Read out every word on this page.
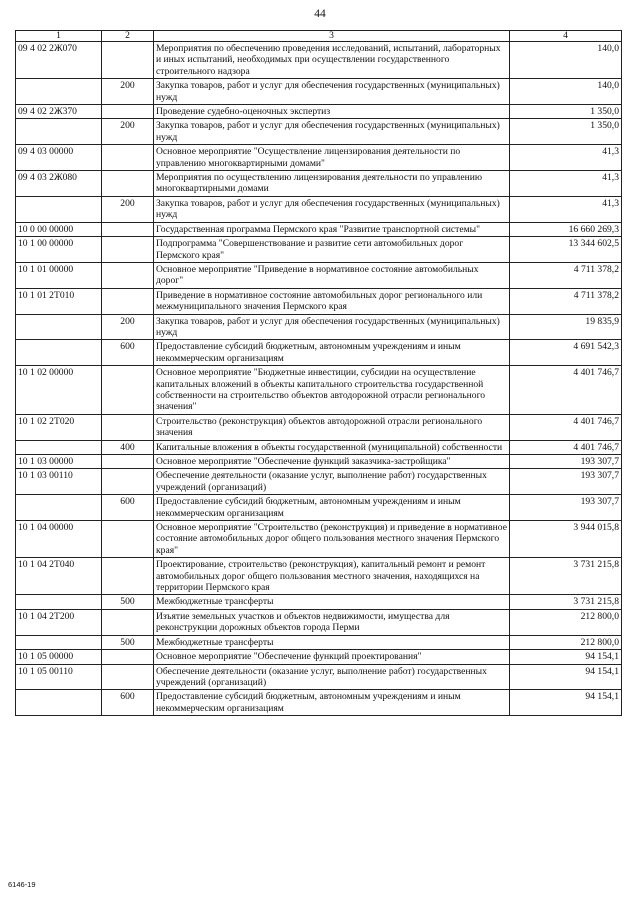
44
1	2	3	4
09 4 02 2Ж070		Мероприятия по обеспечению проведения исследований, испытаний, лабораторных и иных испытаний, необходимых при осуществлении государственного строительного надзора	140,0
	200	Закупка товаров, работ и услуг для обеспечения государственных (муниципальных) нужд	140,0
09 4 02 2Ж370		Проведение судебно-оценочных экспертиз	1 350,0
	200	Закупка товаров, работ и услуг для обеспечения государственных (муниципальных) нужд	1 350,0
09 4 03 00000		Основное мероприятие "Осуществление лицензирования деятельности по управлению многоквартирными домами"	41,3
09 4 03 2Ж080		Мероприятия по осуществлению лицензирования деятельности по управлению многоквартирными домами	41,3
	200	Закупка товаров, работ и услуг для обеспечения государственных (муниципальных) нужд	41,3
10 0 00 00000		Государственная программа Пермского края "Развитие транспортной системы"	16 660 269,3
10 1 00 00000		Подпрограмма "Совершенствование и развитие сети автомобильных дорог Пермского края"	13 344 602,5
10 1 01 00000		Основное мероприятие "Приведение в нормативное состояние автомобильных дорог"	4 711 378,2
10 1 01 2Т010		Приведение в нормативное состояние автомобильных дорог регионального или межмуниципального значения Пермского края	4 711 378,2
	200	Закупка товаров, работ и услуг для обеспечения государственных (муниципальных) нужд	19 835,9
	600	Предоставление субсидий бюджетным, автономным учреждениям и иным некоммерческим организациям	4 691 542,3
10 1 02 00000		Основное мероприятие "Бюджетные инвестиции, субсидии на осуществление капитальных вложений в объекты капитального строительства государственной собственности на строительство объектов автодорожной отрасли регионального значения"	4 401 746,7
10 1 02 2Т020		Строительство (реконструкция) объектов автодорожной отрасли регионального значения	4 401 746,7
	400	Капитальные вложения в объекты государственной (муниципальной) собственности	4 401 746,7
10 1 03 00000		Основное мероприятие "Обеспечение функций заказчика-застройщика"	193 307,7
10 1 03 00110		Обеспечение деятельности (оказание услуг, выполнение работ) государственных учреждений (организаций)	193 307,7
	600	Предоставление субсидий бюджетным, автономным учреждениям и иным некоммерческим организациям	193 307,7
10 1 04 00000		Основное мероприятие "Строительство (реконструкция) и приведение в нормативное состояние автомобильных дорог общего пользования местного значения Пермского края"	3 944 015,8
10 1 04 2Т040		Проектирование, строительство (реконструкция), капитальный ремонт и ремонт автомобильных дорог общего пользования местного значения, находящихся на территории Пермского края	3 731 215,8
	500	Межбюджетные трансферты	3 731 215,8
10 1 04 2Т200		Изъятие земельных участков и объектов недвижимости, имущества для реконструкции дорожных объектов города Перми	212 800,0
	500	Межбюджетные трансферты	212 800,0
10 1 05 00000		Основное мероприятие "Обеспечение функций проектирования"	94 154,1
10 1 05 00110		Обеспечение деятельности (оказание услуг, выполнение работ) государственных учреждений (организаций)	94 154,1
	600	Предоставление субсидий бюджетным, автономным учреждениям и иным некоммерческим организациям	94 154,1
6146-19
